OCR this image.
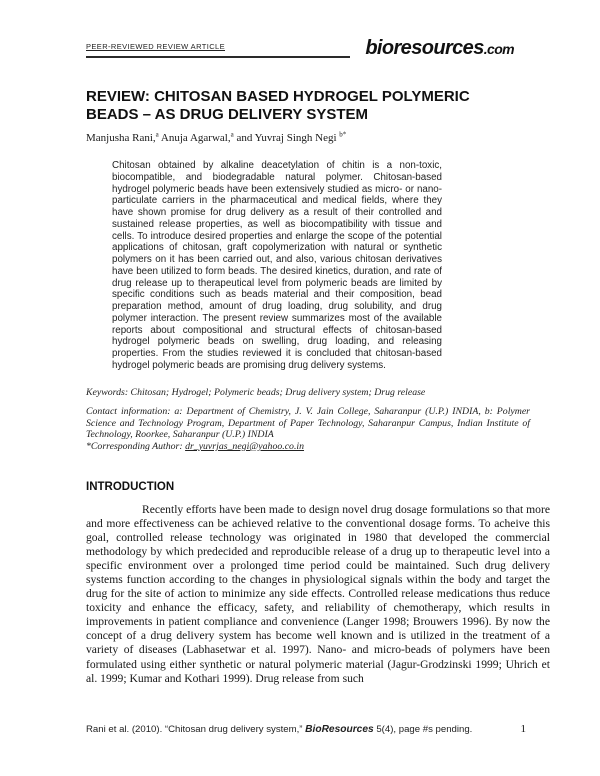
PEER-REVIEWED REVIEW ARTICLE	bioresources.com
REVIEW: CHITOSAN BASED HYDROGEL POLYMERIC
BEADS – AS DRUG DELIVERY SYSTEM
Manjusha Rani,$^a$ Anuja Agarwal,$^a$ and Yuvraj Singh Negi $^{b*}$
Chitosan obtained by alkaline deacetylation of chitin is a non-toxic, biocompatible, and biodegradable natural polymer. Chitosan-based hydrogel polymeric beads have been extensively studied as micro- or nano-particulate carriers in the pharmaceutical and medical fields, where they have shown promise for drug delivery as a result of their controlled and sustained release properties, as well as biocompatibility with tissue and cells. To introduce desired properties and enlarge the scope of the potential applications of chitosan, graft copolymerization with natural or synthetic polymers on it has been carried out, and also, various chitosan derivatives have been utilized to form beads. The desired kinetics, duration, and rate of drug release up to therapeutical level from polymeric beads are limited by specific conditions such as beads material and their composition, bead preparation method, amount of drug loading, drug solubility, and drug polymer interaction. The present review summarizes most of the available reports about compositional and structural effects of chitosan-based hydrogel polymeric beads on swelling, drug loading, and releasing properties. From the studies reviewed it is concluded that chitosan-based hydrogel polymeric beads are promising drug delivery systems.
Keywords: Chitosan; Hydrogel; Polymeric beads; Drug delivery system; Drug release
Contact information: a: Department of Chemistry, J. V. Jain College, Saharanpur (U.P.) INDIA, b: Polymer Science and Technology Program, Department of Paper Technology, Saharanpur Campus, Indian Institute of Technology, Roorkee, Saharanpur (U.P.) INDIA
*Corresponding Author: dr_yuvrjas_negi@yahoo.co.in
INTRODUCTION
Recently efforts have been made to design novel drug dosage formulations so that more and more effectiveness can be achieved relative to the conventional dosage forms. To acheive this goal, controlled release technology was originated in 1980 that developed the commercial methodology by which predecided and reproducible release of a drug up to therapeutic level into a specific environment over a prolonged time period could be maintained. Such drug delivery systems function according to the changes in physiological signals within the body and target the drug for the site of action to minimize any side effects. Controlled release medications thus reduce toxicity and enhance the efficacy, safety, and reliability of chemotherapy, which results in improvements in patient compliance and convenience (Langer 1998; Brouwers 1996). By now the concept of a drug delivery system has become well known and is utilized in the treatment of a variety of diseases (Labhasetwar et al. 1997). Nano- and micro-beads of polymers have been formulated using either synthetic or natural polymeric material (Jagur-Grodzinski 1999; Uhrich et al. 1999; Kumar and Kothari 1999). Drug release from such
Rani et al. (2010). “Chitosan drug delivery system,” BioResources 5(4), page #s pending.	1
